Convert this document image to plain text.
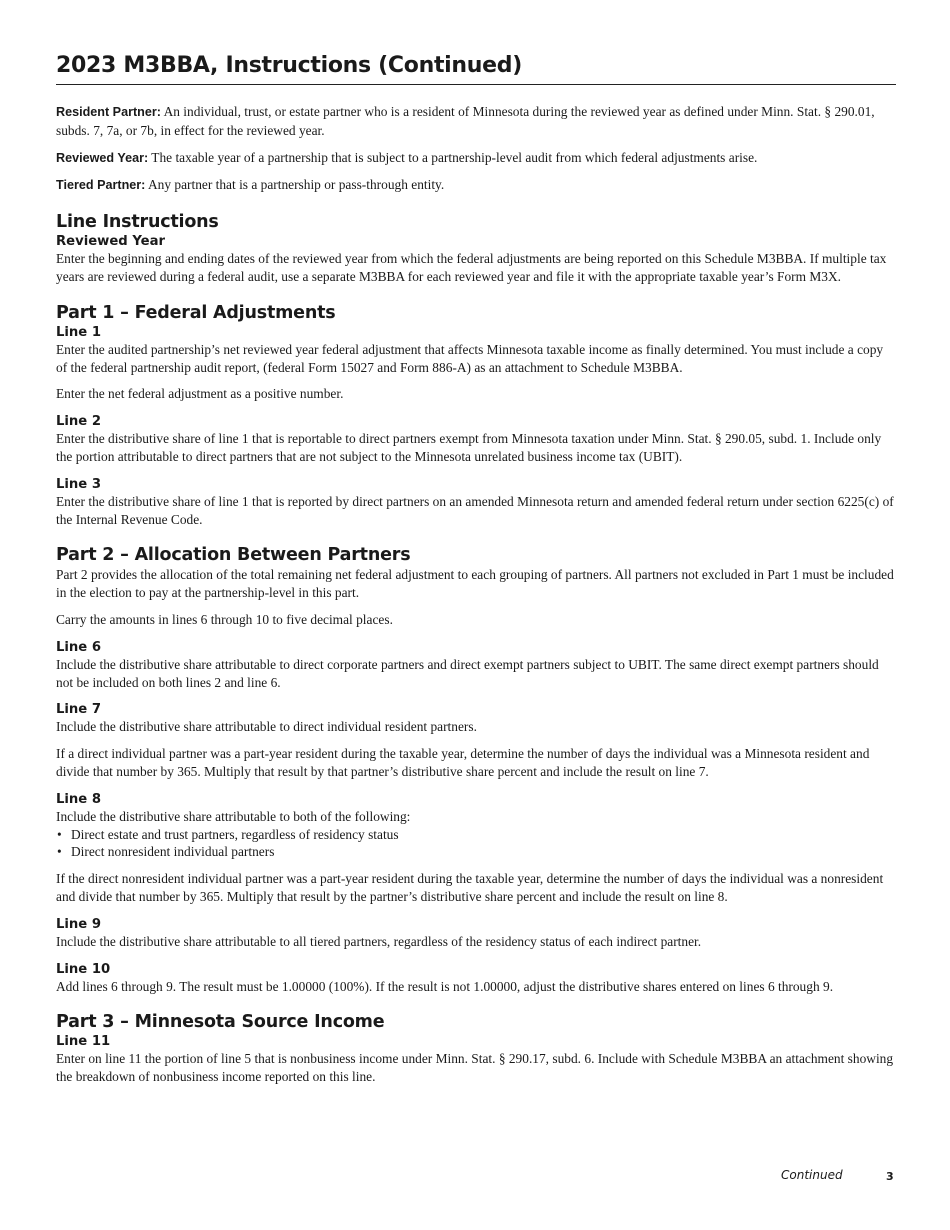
2023 M3BBA, Instructions (Continued)

Resident Partner: An individual, trust, or estate partner who is a resident of Minnesota during the reviewed year as defined under Minn. Stat. § 290.01, subds. 7, 7a, or 7b, in effect for the reviewed year.

Reviewed Year: The taxable year of a partnership that is subject to a partnership-level audit from which federal adjustments arise.

Tiered Partner: Any partner that is a partnership or pass-through entity.

Line Instructions
Reviewed Year

Enter the beginning and ending dates of the reviewed year from which the federal adjustments are being reported on this Schedule M3BBA. If multiple tax years are reviewed during a federal audit, use a separate M3BBA for each reviewed year and file it with the appropriate taxable year’s Form M3X.

Part 1 – Federal Adjustments
Line 1

Enter the audited partnership’s net reviewed year federal adjustment that affects Minnesota taxable income as finally determined. You must include a copy of the federal partnership audit report, (federal Form 15027 and Form 886-A) as an attachment to Schedule M3BBA.

Enter the net federal adjustment as a positive number.

Line 2

Enter the distributive share of line 1 that is reportable to direct partners exempt from Minnesota taxation under Minn. Stat. § 290.05, subd. 1. Include only the portion attributable to direct partners that are not subject to the Minnesota unrelated business income tax (UBIT).

Line 3

Enter the distributive share of line 1 that is reported by direct partners on an amended Minnesota return and amended federal return under section 6225(c) of the Internal Revenue Code.

Part 2 – Allocation Between Partners

Part 2 provides the allocation of the total remaining net federal adjustment to each grouping of partners. All partners not excluded in Part 1 must be included in the election to pay at the partnership-level in this part.

Carry the amounts in lines 6 through 10 to five decimal places.

Line 6

Include the distributive share attributable to direct corporate partners and direct exempt partners subject to UBIT. The same direct exempt partners should not be included on both lines 2 and line 6.

Line 7

Include the distributive share attributable to direct individual resident partners.

If a direct individual partner was a part-year resident during the taxable year, determine the number of days the individual was a Minnesota resident and divide that number by 365. Multiply that result by that partner’s distributive share percent and include the result on line 7.

Line 8

Include the distributive share attributable to both of the following:

• Direct estate and trust partners, regardless of residency status
• Direct nonresident individual partners

If the direct nonresident individual partner was a part-year resident during the taxable year, determine the number of days the individual was a nonresident and divide that number by 365. Multiply that result by the partner’s distributive share percent and include the result on line 8.

Line 9

Include the distributive share attributable to all tiered partners, regardless of the residency status of each indirect partner.

Line 10

Add lines 6 through 9. The result must be 1.00000 (100%). If the result is not 1.00000, adjust the distributive shares entered on lines 6 through 9.

Part 3 – Minnesota Source Income
Line 11

Enter on line 11 the portion of line 5 that is nonbusiness income under Minn. Stat. § 290.17, subd. 6. Include with Schedule M3BBA an attachment showing the breakdown of nonbusiness income reported on this line.

Continued	3
